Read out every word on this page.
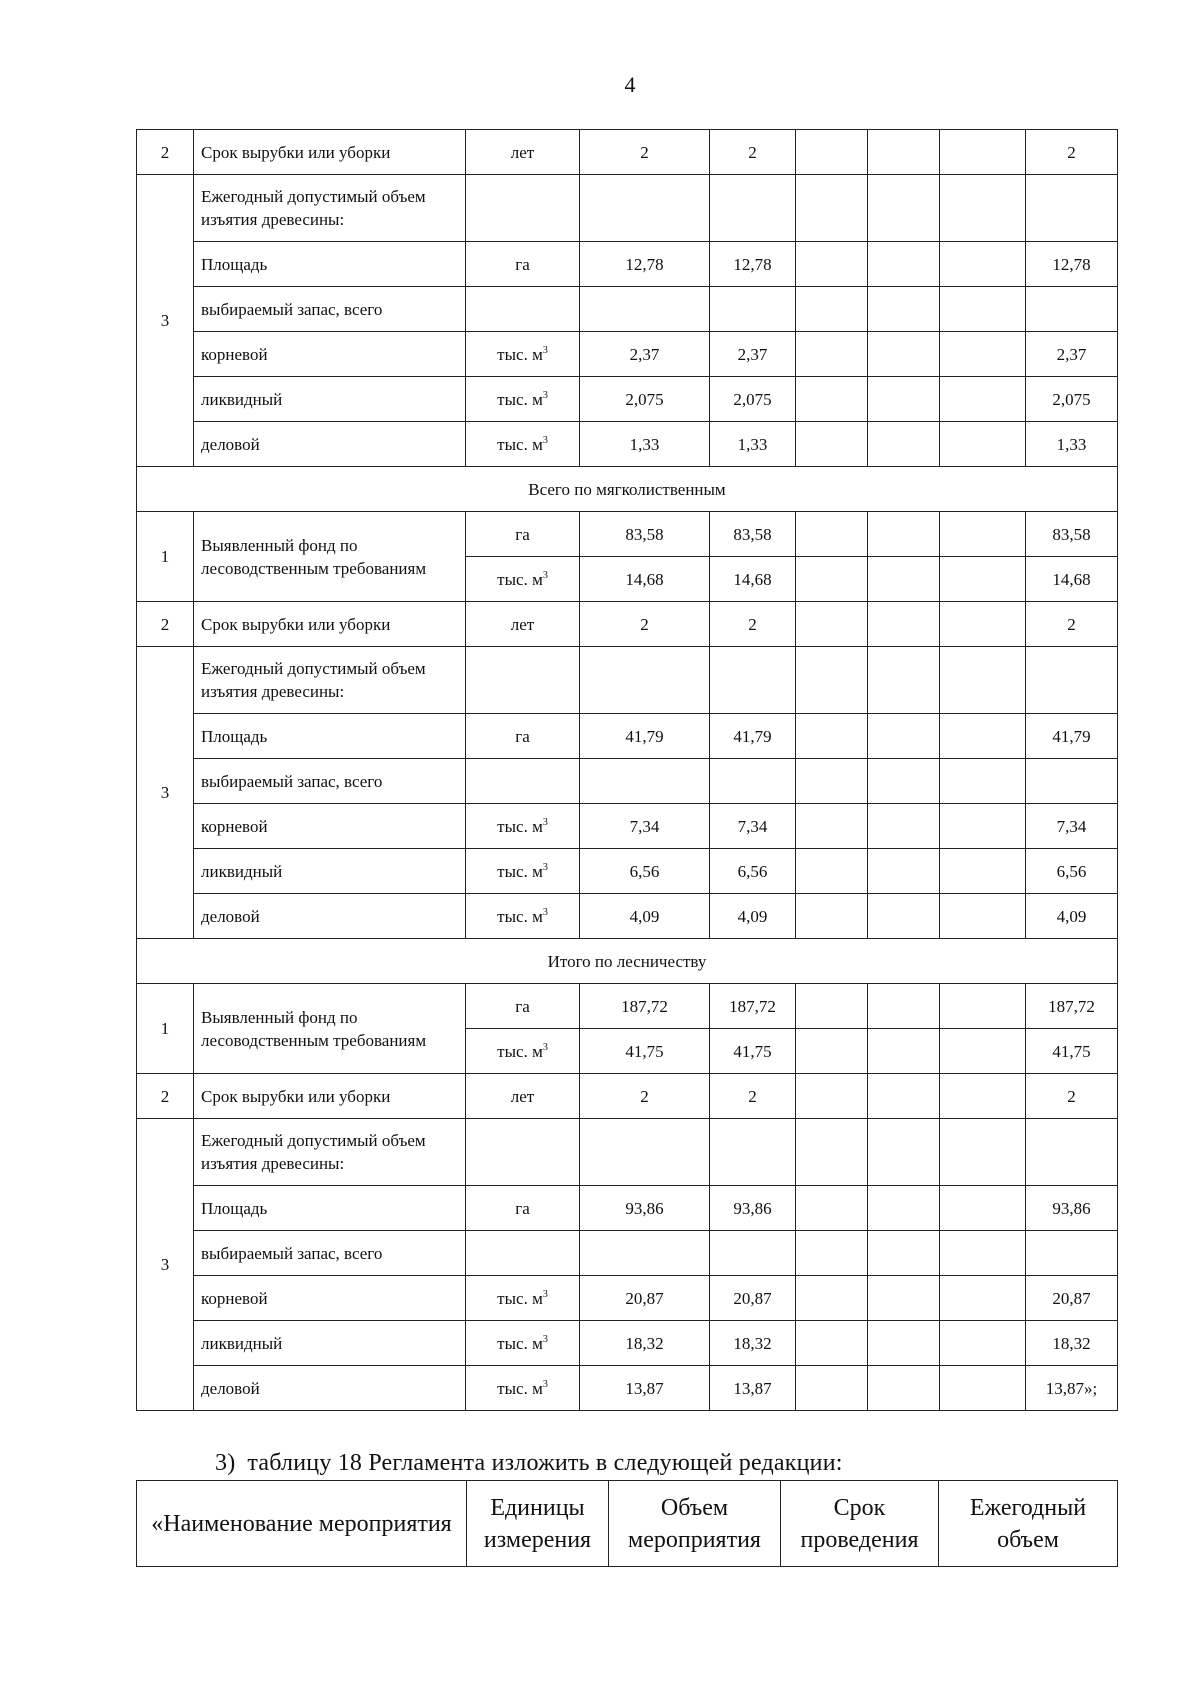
4
2	Срок вырубки или уборки	лет	2	2				2
3	Ежегодный допустимый объем изъятия древесины:							
	Площадь	га	12,78	12,78				12,78
	выбираемый запас, всего							
	корневой	тыс. $м^3$	2,37	2,37				2,37
	ликвидный	тыс. $м^3$	2,075	2,075				2,075
	деловой	тыс. $м^3$	1,33	1,33				1,33
Всего по мягколиственным								
1	Выявленный фонд по лесоводственным требованиям	га	83,58	83,58				83,58
		тыс. $м^3$	14,68	14,68				14,68
2	Срок вырубки или уборки	лет	2	2				2
3	Ежегодный допустимый объем изъятия древесины:							
	Площадь	га	41,79	41,79				41,79
	выбираемый запас, всего							
	корневой	тыс. $м^3$	7,34	7,34				7,34
	ликвидный	тыс. $м^3$	6,56	6,56				6,56
	деловой	тыс. $м^3$	4,09	4,09				4,09
Итого по лесничеству								
1	Выявленный фонд по лесоводственным требованиям	га	187,72	187,72				187,72
		тыс. $м^3$	41,75	41,75				41,75
2	Срок вырубки или уборки	лет	2	2				2
3	Ежегодный допустимый объем изъятия древесины:							
	Площадь	га	93,86	93,86				93,86
	выбираемый запас, всего							
	корневой	тыс. $м^3$	20,87	20,87				20,87
	ликвидный	тыс. $м^3$	18,32	18,32				18,32
	деловой	тыс. $м^3$	13,87	13,87				13,87»;
3) таблицу 18 Регламента изложить в следующей редакции:
«Наименование мероприятия	Единицы измерения	Объем мероприятия	Срок проведения	Ежегодный объем
